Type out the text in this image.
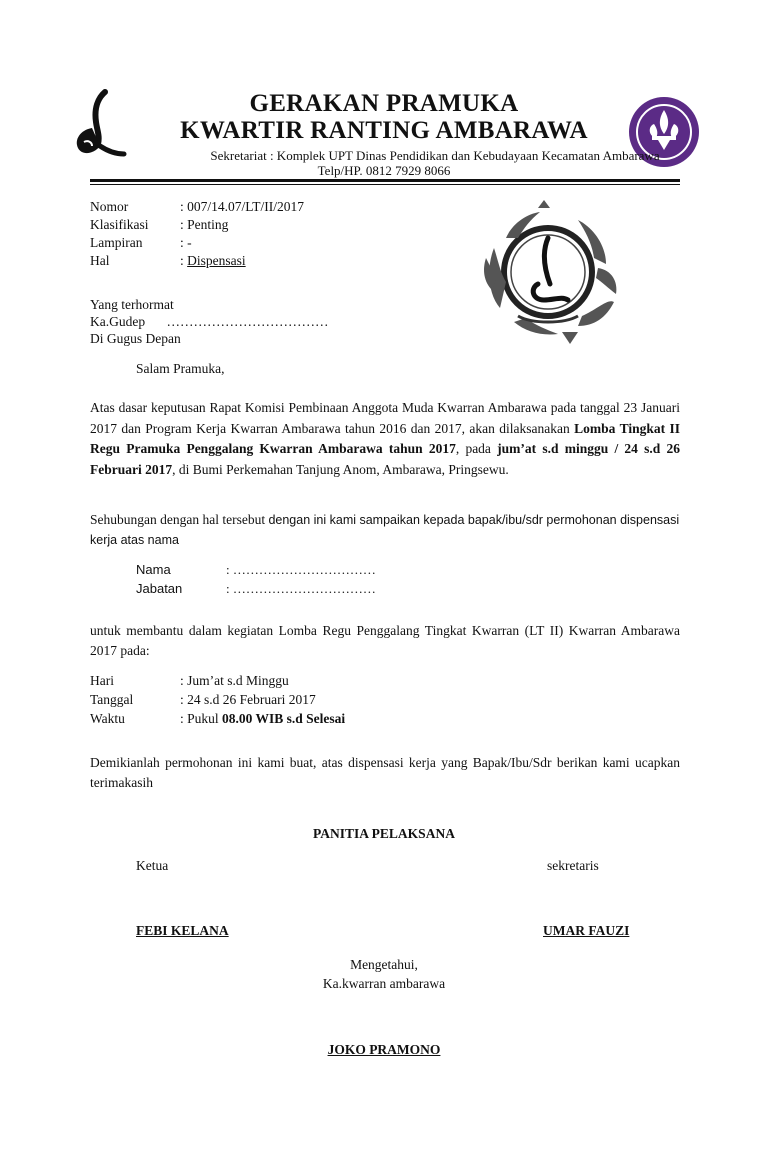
GERAKAN PRAMUKA
KWARTIR RANTING AMBARAWA
Sekretariat : Komplek UPT Dinas Pendidikan dan Kebudayaan Kecamatan Ambarawa
Telp/HP. 0812 7929 8066
Nomor	: 007/14.07/LT/II/2017
Klasifikasi : Penting
Lampiran	: -
Hal	: Dispensasi
Yang terhormat
Ka.Gudep ………………………………
Di Gugus Depan
Salam Pramuka,
Atas dasar keputusan Rapat Komisi Pembinaan Anggota Muda Kwarran Ambarawa pada tanggal 23 Januari 2017 dan Program Kerja Kwarran Ambarawa tahun 2016 dan 2017, akan dilaksanakan Lomba Tingkat II Regu Pramuka Penggalang Kwarran Ambarawa tahun 2017, pada jum’at s.d minggu / 24 s.d 26 Februari 2017, di Bumi Perkemahan Tanjung Anom, Ambarawa, Pringsewu.
Sehubungan dengan hal tersebut dengan ini kami sampaikan kepada bapak/ibu/sdr permohonan dispensasi kerja atas nama
Nama	: ……………………………
Jabatan	: ……………………………
untuk membantu dalam kegiatan Lomba Regu Penggalang Tingkat Kwarran (LT II) Kwarran Ambarawa 2017 pada:
Hari	: Jum’at s.d Minggu
Tanggal	: 24 s.d 26 Februari 2017
Waktu	: Pukul 08.00 WIB s.d Selesai
Demikianlah permohonan ini kami buat, atas dispensasi kerja yang Bapak/Ibu/Sdr berikan kami ucapkan terimakasih
PANITIA PELAKSANA
Ketua	sekretaris
FEBI KELANA	UMAR FAUZI
Mengetahui,
Ka.kwarran ambarawa
JOKO PRAMONO
